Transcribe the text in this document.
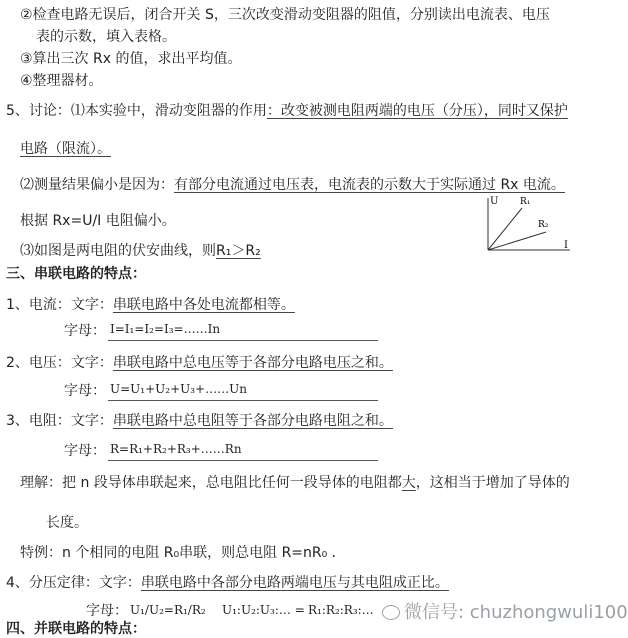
②检查电路无误后，闭合开关 S，三次改变滑动变阻器的阻值，分别读出电流表、电压
表的示数，填入表格。
③算出三次 Rx 的值，求出平均值。
④整理器材。
5、讨论：⑴本实验中，滑动变阻器的作用：改变被测电阻两端的电压（分压），同时又保护
电路（限流）。
⑵测量结果偏小是因为：有部分电流通过电压表，电流表的示数大于实际通过 Rx 电流。
根据 Rx=U/I 电阻偏小。
⑶如图是两电阻的伏安曲线，则R₁＞R₂
U
I
R₁
R₂
三、串联电路的特点：
1、电流：文字：串联电路中各处电流都相等。
字母： I=I₁=I₂=I₃=……In
2、电压：文字：串联电路中总电压等于各部分电路电压之和。
字母： U=U₁+U₂+U₃+……Un
3、电阻：文字：串联电路中总电阻等于各部分电路电阻之和。
字母： R=R₁+R₂+R₃+……Rn
理解：把 n 段导体串联起来，总电阻比任何一段导体的电阻都大，这相当于增加了导体的
长度。
特例：n 个相同的电阻 R₀串联，则总电阻 R=nR₀ ．
4、分压定律：文字：串联电路中各部分电路两端电压与其电阻成正比。
字母： U₁/U₂=R₁/R₂ U₁:U₂:U₃:… = R₁:R₂:R₃:…	微信号: chuzhongwuli100
四、并联电路的特点：
